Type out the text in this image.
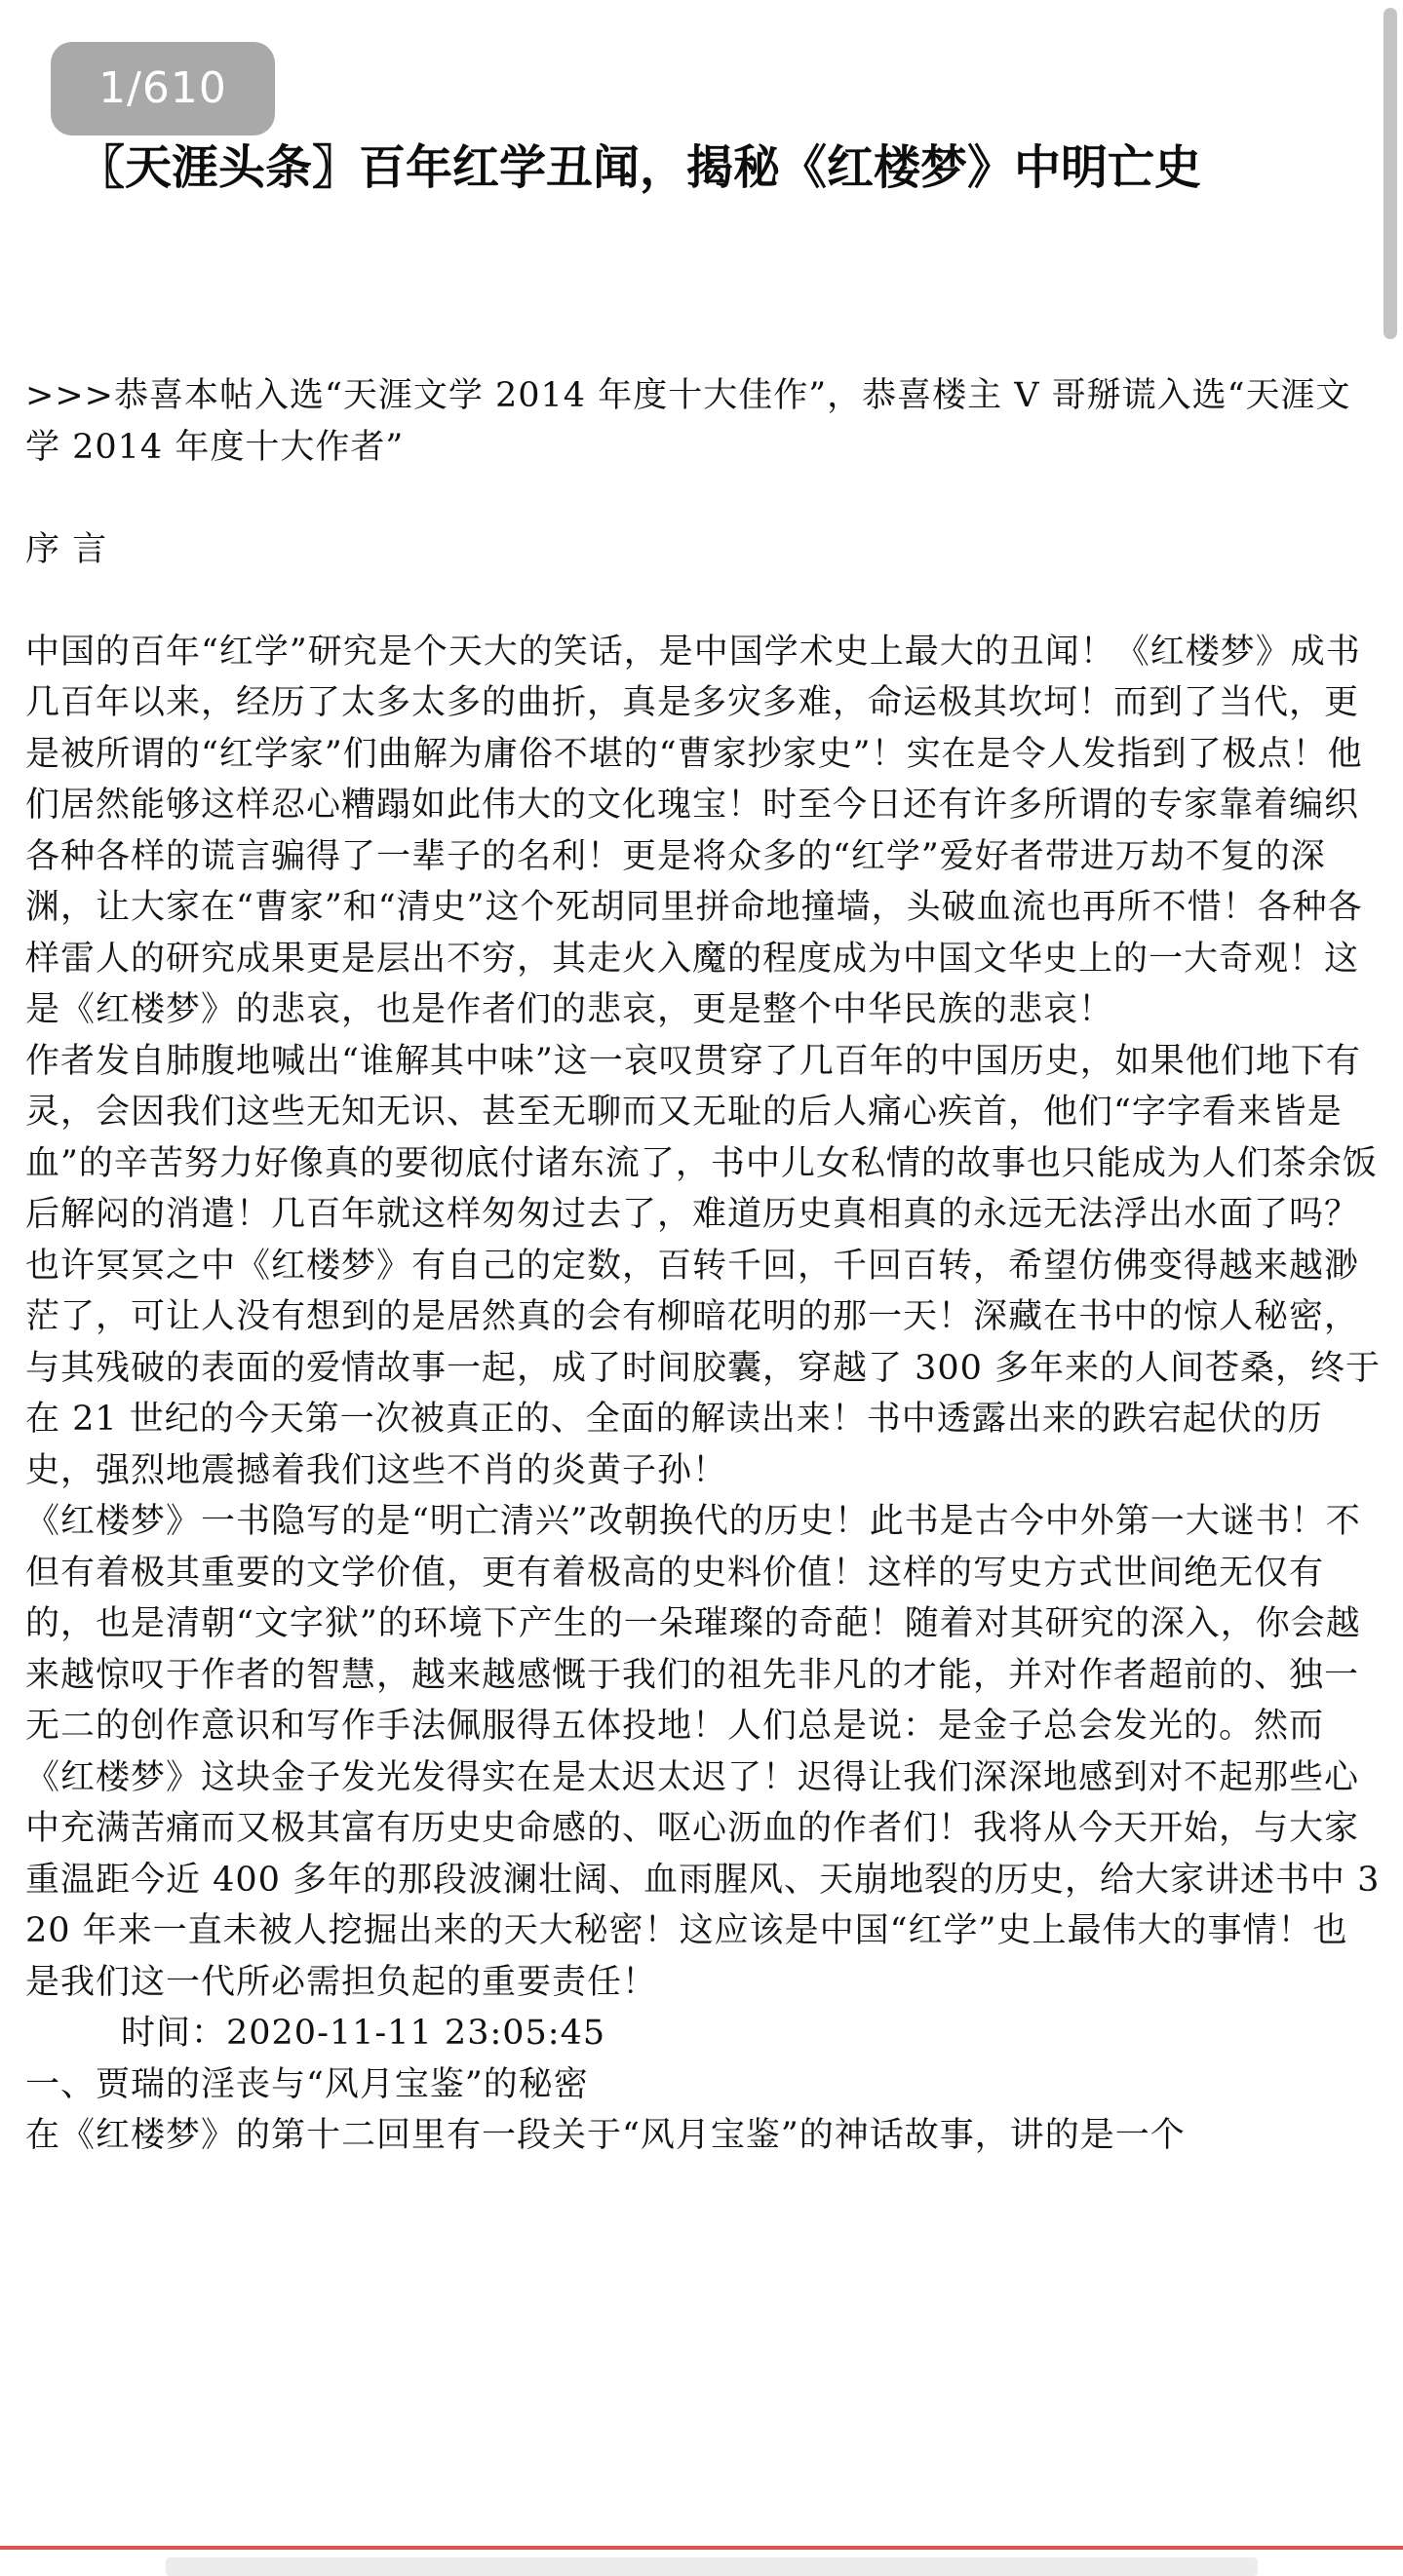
1/610
〖天涯头条〗百年红学丑闻，揭秘《红楼梦》中明亡史

>>>恭喜本帖入选“天涯文学 2014 年度十大佳作”，恭喜楼主 V 哥掰谎入选“天涯文学 2014 年度十大作者”

序 言

中国的百年“红学”研究是个天大的笑话，是中国学术史上最大的丑闻！《红楼梦》成书几百年以来，经历了太多太多的曲折，真是多灾多难，命运极其坎坷！而到了当代，更是被所谓的“红学家”们曲解为庸俗不堪的“曹家抄家史”！实在是令人发指到了极点！他们居然能够这样忍心糟蹋如此伟大的文化瑰宝！时至今日还有许多所谓的专家靠着编织各种各样的谎言骗得了一辈子的名利！更是将众多的“红学”爱好者带进万劫不复的深渊，让大家在“曹家”和“清史”这个死胡同里拼命地撞墙，头破血流也再所不惜！各种各样雷人的研究成果更是层出不穷，其走火入魔的程度成为中国文华史上的一大奇观！这是《红楼梦》的悲哀，也是作者们的悲哀，更是整个中华民族的悲哀！

作者发自肺腹地喊出“谁解其中味”这一哀叹贯穿了几百年的中国历史，如果他们地下有灵，会因我们这些无知无识、甚至无聊而又无耻的后人痛心疾首，他们“字字看来皆是血”的辛苦努力好像真的要彻底付诸东流了，书中儿女私情的故事也只能成为人们茶余饭后解闷的消遣！几百年就这样匆匆过去了，难道历史真相真的永远无法浮出水面了吗？也许冥冥之中《红楼梦》有自己的定数，百转千回，千回百转，希望仿佛变得越来越渺茫了，可让人没有想到的是居然真的会有柳暗花明的那一天！深藏在书中的惊人秘密，与其残破的表面的爱情故事一起，成了时间胶囊，穿越了 300 多年来的人间苍桑，终于在 21 世纪的今天第一次被真正的、全面的解读出来！书中透露出来的跌宕起伏的历史，强烈地震撼着我们这些不肖的炎黄子孙！

《红楼梦》一书隐写的是“明亡清兴”改朝换代的历史！此书是古今中外第一大谜书！不但有着极其重要的文学价值，更有着极高的史料价值！这样的写史方式世间绝无仅有的，也是清朝“文字狱”的环境下产生的一朵璀璨的奇葩！随着对其研究的深入，你会越来越惊叹于作者的智慧，越来越感慨于我们的祖先非凡的才能，并对作者超前的、独一无二的创作意识和写作手法佩服得五体投地！人们总是说：是金子总会发光的。然而《红楼梦》这块金子发光发得实在是太迟太迟了！迟得让我们深深地感到对不起那些心中充满苦痛而又极其富有历史史命感的、呕心沥血的作者们！我将从今天开始，与大家重温距今近 400 多年的那段波澜壮阔、血雨腥风、天崩地裂的历史，给大家讲述书中 320 年来一直未被人挖掘出来的天大秘密！这应该是中国“红学”史上最伟大的事情！也是我们这一代所必需担负起的重要责任！

时间：2020-11-11 23:05:45

一、贾瑞的淫丧与“风月宝鉴”的秘密

在《红楼梦》的第十二回里有一段关于“风月宝鉴”的神话故事，讲的是一个
